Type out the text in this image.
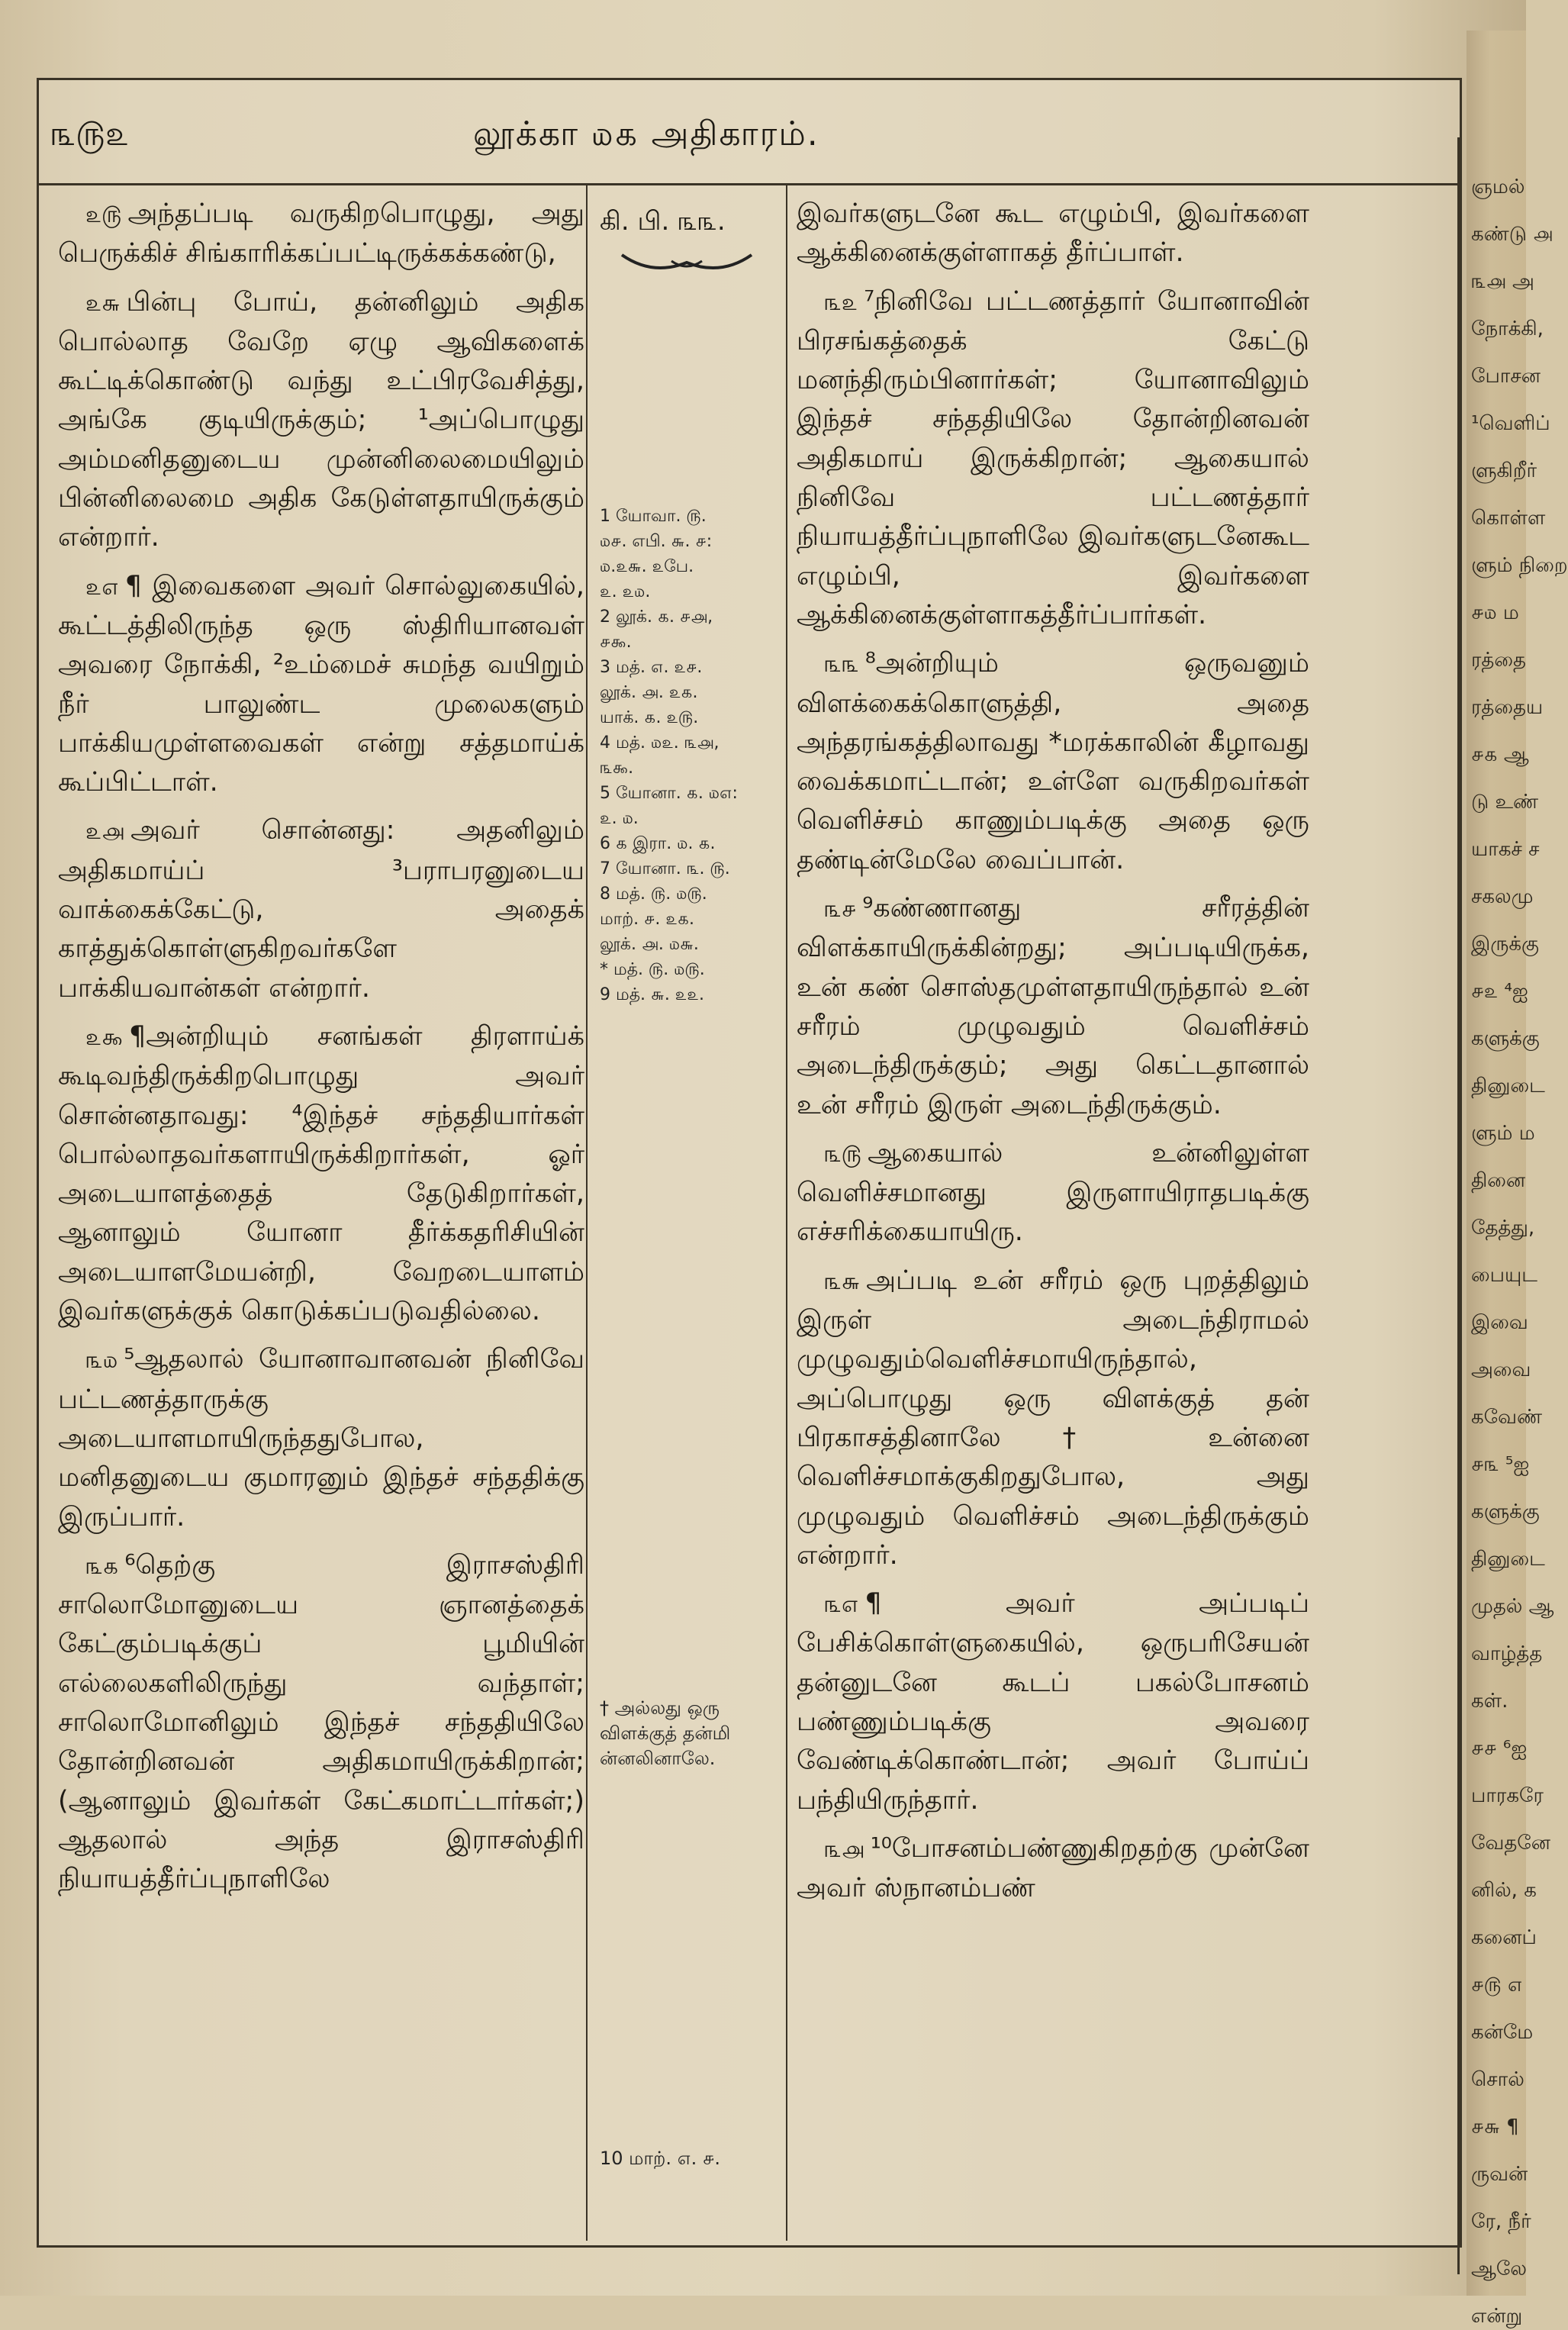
௩௫௨	லூக்கா ௰௧ அதிகாரம்.

௨௫ அந்தப்படி வருகிறபொழுது, அது பெருக்கிச் சிங்காரிக்கப்பட்டிருக்கக்கண்டு,

௨௬ பின்பு போய், தன்னிலும் அதிக பொல்லாத வேறே ஏழு ஆவிகளைக் கூட்டிக்கொண்டு வந்து உட்பிரவேசித்து, அங்கே குடியிருக்கும்; ¹அப்பொழுது அம்மனிதனுடைய முன்னிலைமையிலும் பின்னிலைமை அதிக கேடுள்ளதாயிருக்கும் என்றார்.

௨௭ ¶ இவைகளை அவர் சொல்லுகையில், கூட்டத்திலிருந்த ஒரு ஸ்திரியானவள் அவரை நோக்கி, ²உம்மைச் சுமந்த வயிறும் நீர் பாலுண்ட முலைகளும் பாக்கியமுள்ளவைகள் என்று சத்தமாய்க் கூப்பிட்டாள்.

௨௮ அவர் சொன்னது: அதனிலும் அதிகமாய்ப் ³பராபரனுடைய வாக்கைக்கேட்டு, அதைக் காத்துக்கொள்ளுகிறவர்களே பாக்கியவான்கள் என்றார்.

௨௯ ¶அன்றியும் சனங்கள் திரளாய்க் கூடிவந்திருக்கிறபொழுது அவர் சொன்னதாவது: ⁴இந்தச் சந்ததியார்கள் பொல்லாதவர்களாயிருக்கிறார்கள், ஓர் அடையாளத்தைத் தேடுகிறார்கள், ஆனாலும் யோனா தீர்க்கதரிசியின் அடையாளமேயன்றி, வேறடையாளம் இவர்களுக்குக் கொடுக்கப்படுவதில்லை.

௩௰ ⁵ஆதலால் யோனாவானவன் நினிவே பட்டணத்தாருக்கு அடையாளமாயிருந்ததுபோல, மனிதனுடைய குமாரனும் இந்தச் சந்ததிக்கு இருப்பார்.

௩௧ ⁶தெற்கு இராசஸ்திரி சாலொமோனுடைய ஞானத்தைக் கேட்கும்படிக்குப் பூமியின் எல்லைகளிலிருந்து வந்தாள்; சாலொமோனிலும் இந்தச் சந்ததியிலே தோன்றினவன் அதிகமாயிருக்கிறான்; (ஆனாலும் இவர்கள் கேட்கமாட்டார்கள்;) ஆதலால் அந்த இராசஸ்திரி நியாயத்தீர்ப்புநாளிலே

கி. பி. ௩௩.
1 யோவா. ௫.
௰௪. எபி. ௬. ௪:
௰.௨௬. ௨பே.
௨. ௨௰.
2 லூக். ௧. ௪௮,
௪௯.
3 மத். ௭. ௨௪.
லூக். ௮. ௨௧.
யாக். ௧. ௨௫.
4 மத். ௰௨. ௩௮,
௩௯.
5 யோனா. ௧. ௰௭:
௨. ௰.
6 ௧ இரா. ௰. ௧.
7 யோனா. ௩. ௫.
8 மத். ௫. ௰௫.
மாற். ௪. ௨௧.
லூக். ௮. ௰௬.
* மத். ௫. ௰௫.
9 மத். ௬. ௨௨.
† அல்லது ஒரு விளக்குத் தன்மி ன்னலினாலே.
10 மாற். ௭. ௪.

இவர்களுடனே கூட எழும்பி, இவர்களை ஆக்கினைக்குள்ளாகத் தீர்ப்பாள்.

௩௨ ⁷நினிவே பட்டணத்தார் யோனாவின் பிரசங்கத்தைக் கேட்டு மனந்திரும்பினார்கள்; யோனாவிலும் இந்தச் சந்ததியிலே தோன்றினவன் அதிகமாய் இருக்கிறான்; ஆகையால் நினிவே பட்டணத்தார் நியாயத்தீர்ப்புநாளிலே இவர்களுடனேகூட எழும்பி, இவர்களை ஆக்கினைக்குள்ளாகத்தீர்ப்பார்கள்.

௩௩ ⁸அன்றியும் ஒருவனும் விளக்கைக்கொளுத்தி, அதை அந்தரங்கத்திலாவது *மரக்காலின் கீழாவது வைக்கமாட்டான்; உள்ளே வருகிறவர்கள் வெளிச்சம் காணும்படிக்கு அதை ஒரு தண்டின்மேலே வைப்பான்.

௩௪ ⁹கண்ணானது சரீரத்தின் விளக்காயிருக்கின்றது; அப்படியிருக்க, உன் கண் சொஸ்தமுள்ளதாயிருந்தால் உன் சரீரம் முழுவதும் வெளிச்சம் அடைந்திருக்கும்; அது கெட்டதானால் உன் சரீரம் இருள் அடைந்திருக்கும்.

௩௫ ஆகையால் உன்னிலுள்ள வெளிச்சமானது இருளாயிராதபடிக்கு எச்சரிக்கையாயிரு.

௩௬ அப்படி உன் சரீரம் ஒரு புறத்திலும் இருள் அடைந்திராமல் முழுவதும்வெளிச்சமாயிருந்தால், அப்பொழுது ஒரு விளக்குத் தன் பிரகாசத்தினாலே† உன்னை வெளிச்சமாக்குகிறதுபோல, அது முழுவதும் வெளிச்சம் அடைந்திருக்கும் என்றார்.

௩௭ ¶ அவர் அப்படிப் பேசிக்கொள்ளுகையில், ஒருபரிசேயன் தன்னுடனே கூடப் பகல்போசனம் பண்ணும்படிக்கு அவரை வேண்டிக்கொண்டான்; அவர் போய்ப் பந்தியிருந்தார்.

௩௮ ¹⁰போசனம்பண்ணுகிறதற்கு முன்னே அவர் ஸ்நானம்பண்

ஞமல்
கண்டு ௮
௩௮ அ
நோக்கி,
போசன
¹வெளிப்
ளுகிறீர்
கொள்ள
ளும் நிறை
௪௰ ம
ரத்தை
ரத்தைய
௪௧ ஆ
டு உண்
யாகச் ச
சகலமு
இருக்கு
௪௨ ⁴ஐ
களுக்கு
தினுடை
ளும் ம
தினை
தேத்து,
பையுட
இவை
அவை
கவேண்
௪௩ ⁵ஐ
களுக்கு
தினுடை
முதல் ஆ
வாழ்த்த
கள்.
௪௪ ⁶ஐ
பாரகரே
வேதனே
னில், க
கனைப்
௪௫ ௭
கன்மே
சொல்
௪௬ ¶
ருவன்
ரே, நீர்
ஆலே
என்று
